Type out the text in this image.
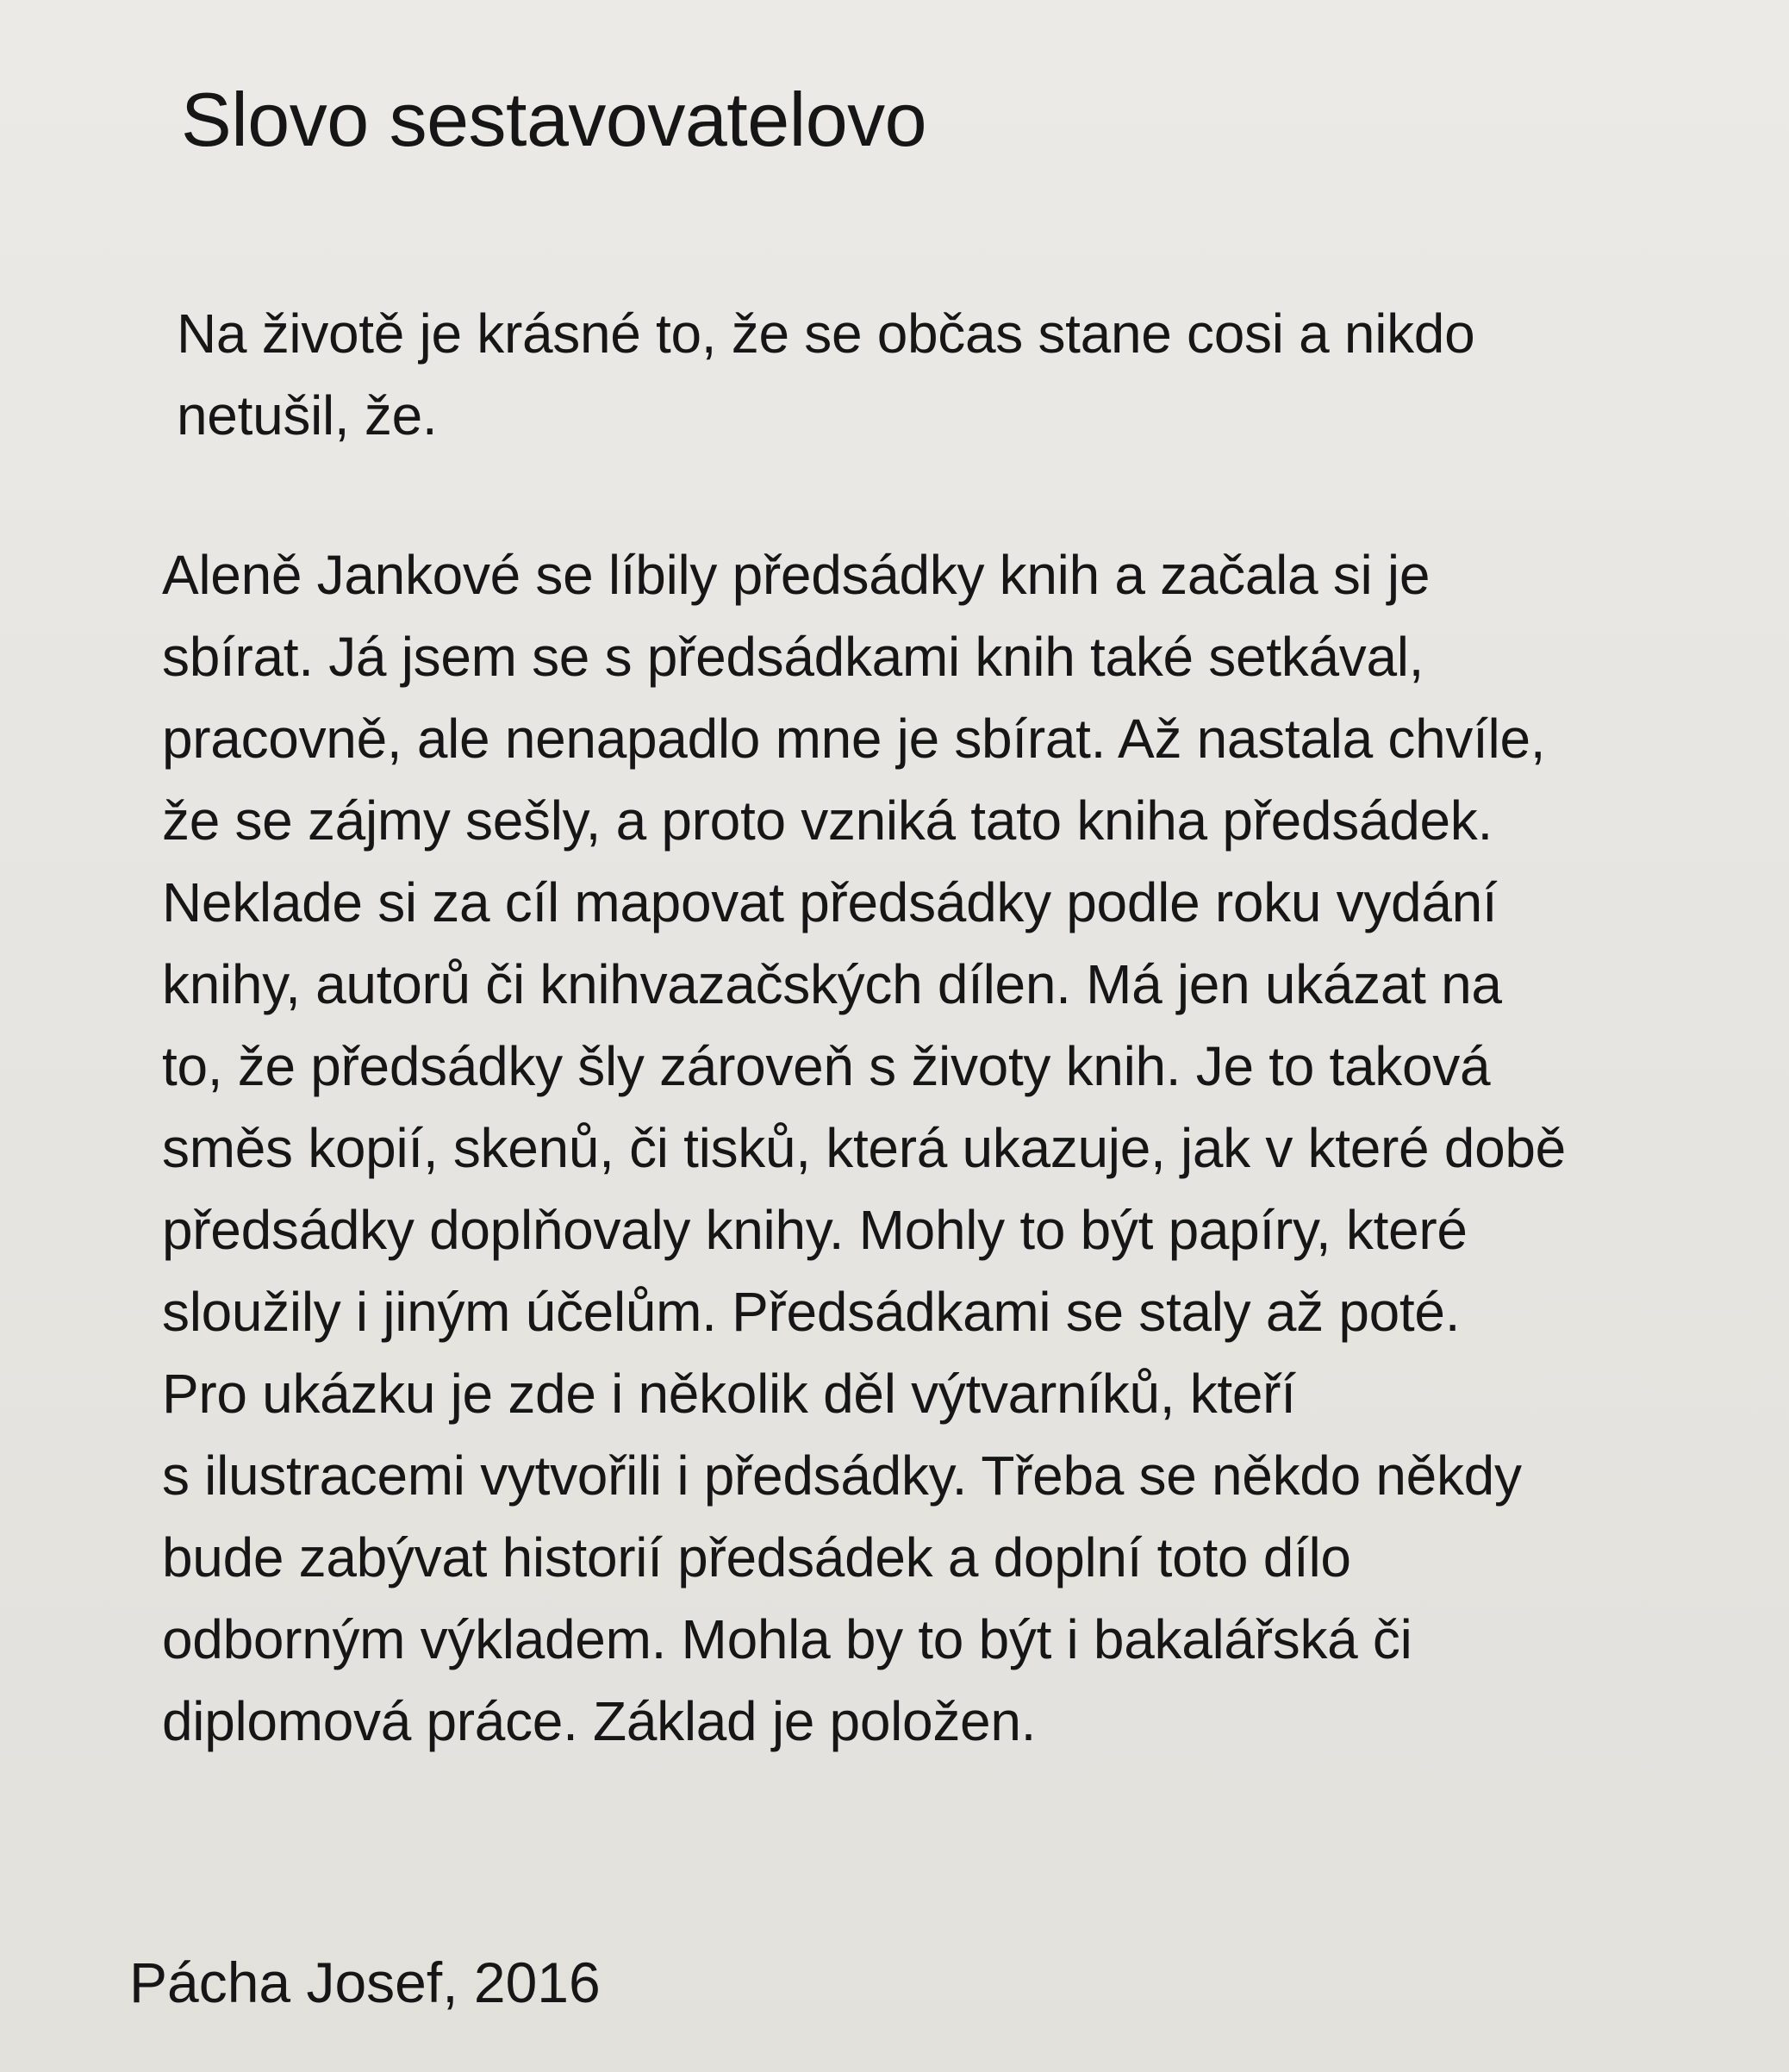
Slovo sestavovatelovo

Na životě je krásné to, že se občas stane cosi a nikdo
netušil, že.

Aleně Jankové se líbily předsádky knih a začala si je
sbírat. Já jsem se s předsádkami knih také setkával,
pracovně, ale nenapadlo mne je sbírat. Až nastala chvíle,
že se zájmy sešly, a proto vzniká tato kniha předsádek.
Neklade si za cíl mapovat předsádky podle roku vydání
knihy, autorů či knihvazačských dílen. Má jen ukázat na
to, že předsádky šly zároveň s životy knih. Je to taková
směs kopií, skenů, či tisků, která ukazuje, jak v které době
předsádky doplňovaly knihy. Mohly to být papíry, které
sloužily i jiným účelům. Předsádkami se staly až poté.
Pro ukázku je zde i několik děl výtvarníků, kteří
s ilustracemi vytvořili i předsádky. Třeba se někdo někdy
bude zabývat historií předsádek a doplní toto dílo
odborným výkladem. Mohla by to být i bakalářská či
diplomová práce. Základ je položen.

Pácha Josef, 2016
